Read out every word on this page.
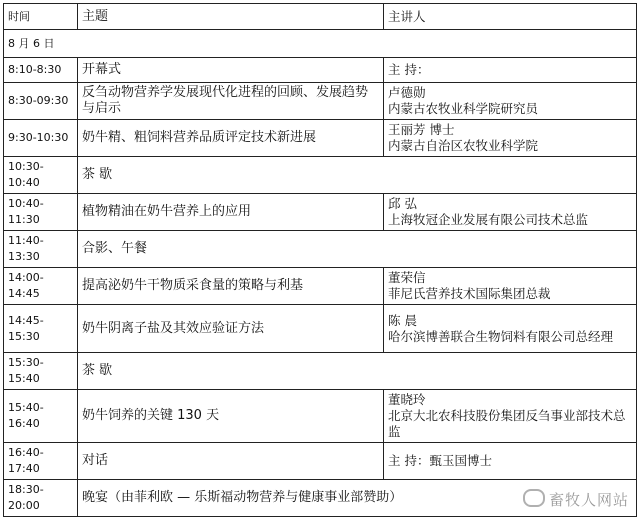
时间	主题	主讲人
8 月 6 日		
8:10-8:30	开幕式	主 持：

8:30-09:30	反刍动物营养学发展现代化进程的回顾、发展趋势与启示	卢德勋
内蒙古农牧业科学院研究员

9:30-10:30	奶牛精、粗饲料营养品质评定技术新进展	王丽芳 博士
内蒙古自治区农牧业科学院

10:30-10:40	茶 歇	
10:40-11:30	植物精油在奶牛营养上的应用	邱 弘
上海牧冠企业发展有限公司技术总监

11:40-13:30	合影、午餐	
14:00-14:45	提高泌奶牛干物质采食量的策略与利基	董荣信
菲尼氏营养技术国际集团总裁

14:45-15:30	奶牛阴离子盐及其效应验证方法	陈 晨
哈尔滨博善联合生物饲料有限公司总经理

15:30-15:40	茶 歇	
15:40-16:40	奶牛饲养的关键 130 天	董晓玲
北京大北农科技股份集团反刍事业部技术总监

16:40-17:40	对话	主 持：甄玉国博士

18:30-20:00	晚宴（由菲利欧 — 乐斯福动物营养与健康事业部赞助）		畜牧人网站
